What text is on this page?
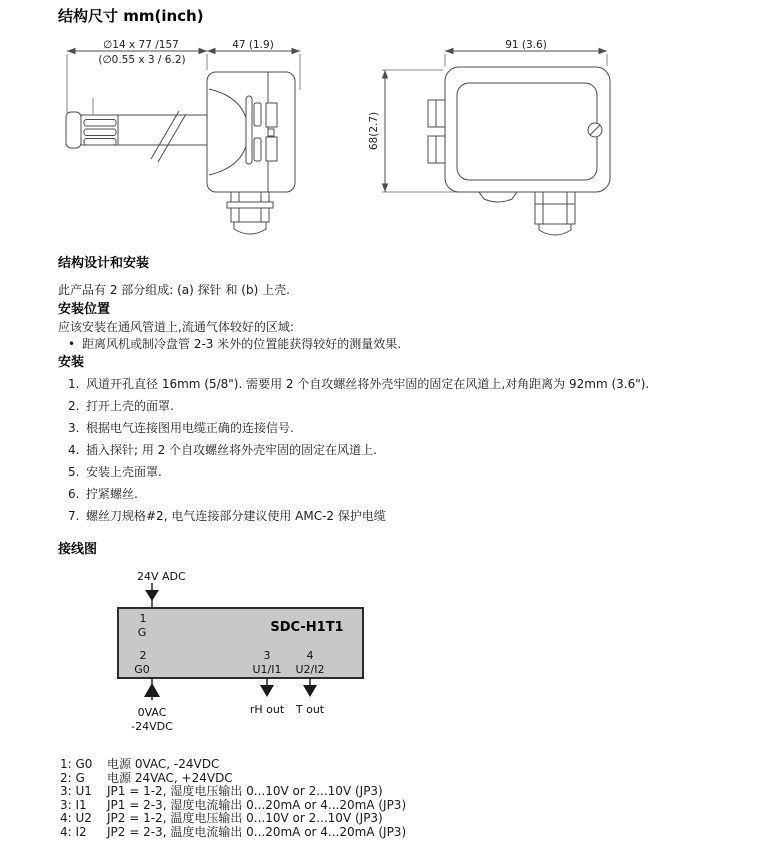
结构尺寸 mm(inch)
∅14 x 77 /157
(∅0.55 x 3 / 6.2)
47 (1.9)	91 (3.6)
68(2.7)
结构设计和安装
此产品有 2 部分组成: (a) 探针 和 (b) 上壳.
安装位置
应该安装在通风管道上,流通气体较好的区域:
• 距离风机或制冷盘管 2-3 米外的位置能获得较好的测量效果.
安装
1. 风道开孔直径 16mm (5/8"). 需要用 2 个自攻螺丝将外壳牢固的固定在风道上,对角距离为 92mm (3.6").
2. 打开上壳的面罩.
3. 根据电气连接图用电缆正确的连接信号.
4. 插入探针; 用 2 个自攻螺丝将外壳牢固的固定在风道上.
5. 安装上壳面罩.
6. 拧紧螺丝.
7. 螺丝刀规格#2, 电气连接部分建议使用 AMC-2 保护电缆
接线图
24V ADC
SDC-H1T1
1
G
2
G0
3
U1/I1
4
U2/I2
0VAC
-24VDC
rH out T out
1: G0	电源 0VAC, -24VDC
2: G	电源 24VAC, +24VDC
3: U1	JP1 = 1-2, 湿度电压输出 0...10V or 2...10V (JP3)
3: I1	JP1 = 2-3, 湿度电流输出 0...20mA or 4...20mA (JP3)
4: U2	JP2 = 1-2, 温度电压输出 0...10V or 2...10V (JP3)
4: I2	JP2 = 2-3, 温度电流输出 0...20mA or 4...20mA (JP3)
